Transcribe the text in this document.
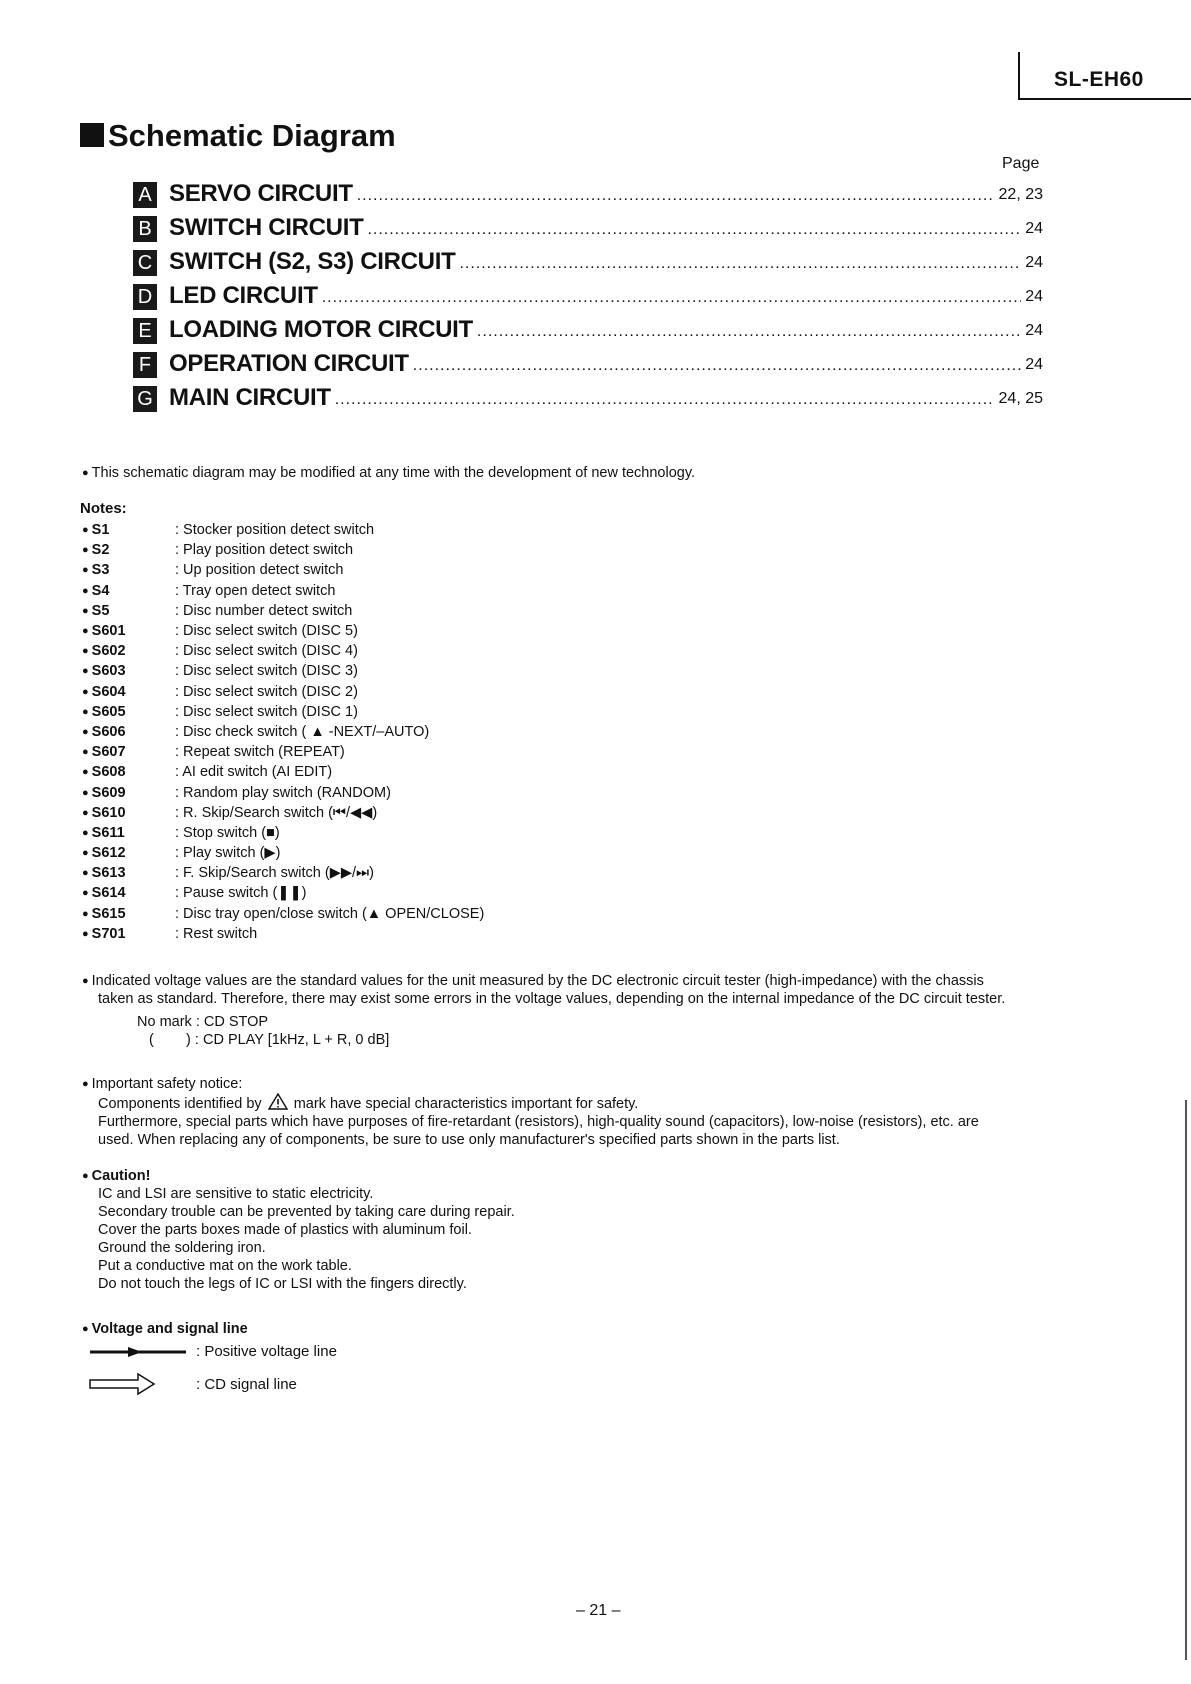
SL-EH60
Schematic Diagram
Page
A SERVO CIRCUIT .....	22, 23
B SWITCH CIRCUIT .....	24
C SWITCH (S2, S3) CIRCUIT .....	24
D LED CIRCUIT .....	24
E LOADING MOTOR CIRCUIT .....	24
F OPERATION CIRCUIT .....	24
G MAIN CIRCUIT .....	24, 25
● This schematic diagram may be modified at any time with the development of new technology.
Notes:
● S1	: Stocker position detect switch
● S2	: Play position detect switch
● S3	: Up position detect switch
● S4	: Tray open detect switch
● S5	: Disc number detect switch
● S601	: Disc select switch (DISC 5)
● S602	: Disc select switch (DISC 4)
● S603	: Disc select switch (DISC 3)
● S604	: Disc select switch (DISC 2)
● S605	: Disc select switch (DISC 1)
● S606	: Disc check switch ( ▲ -NEXT/–AUTO)
● S607	: Repeat switch (REPEAT)
● S608	: AI edit switch (AI EDIT)
● S609	: Random play switch (RANDOM)
● S610	: R. Skip/Search switch (⏮/◀◀)
● S611	: Stop switch (■)
● S612	: Play switch (▶)
● S613	: F. Skip/Search switch (▶▶/⏭)
● S614	: Pause switch (❚❚)
● S615	: Disc tray open/close switch (▲ OPEN/CLOSE)
● S701	: Rest switch
● Indicated voltage values are the standard values for the unit measured by the DC electronic circuit tester (high-impedance) with the chassis
taken as standard. Therefore, there may exist some errors in the voltage values, depending on the internal impedance of the DC circuit tester.
No mark : CD STOP
(        ) : CD PLAY [1kHz, L + R, 0 dB]
● Important safety notice:
Components identified by mark have special characteristics important for safety.
Furthermore, special parts which have purposes of fire-retardant (resistors), high-quality sound (capacitors), low-noise (resistors), etc. are
used. When replacing any of components, be sure to use only manufacturer's specified parts shown in the parts list.
● Caution!
IC and LSI are sensitive to static electricity.
Secondary trouble can be prevented by taking care during repair.
Cover the parts boxes made of plastics with aluminum foil.
Ground the soldering iron.
Put a conductive mat on the work table.
Do not touch the legs of IC or LSI with the fingers directly.
● Voltage and signal line
: Positive voltage line
: CD signal line
– 21 –
